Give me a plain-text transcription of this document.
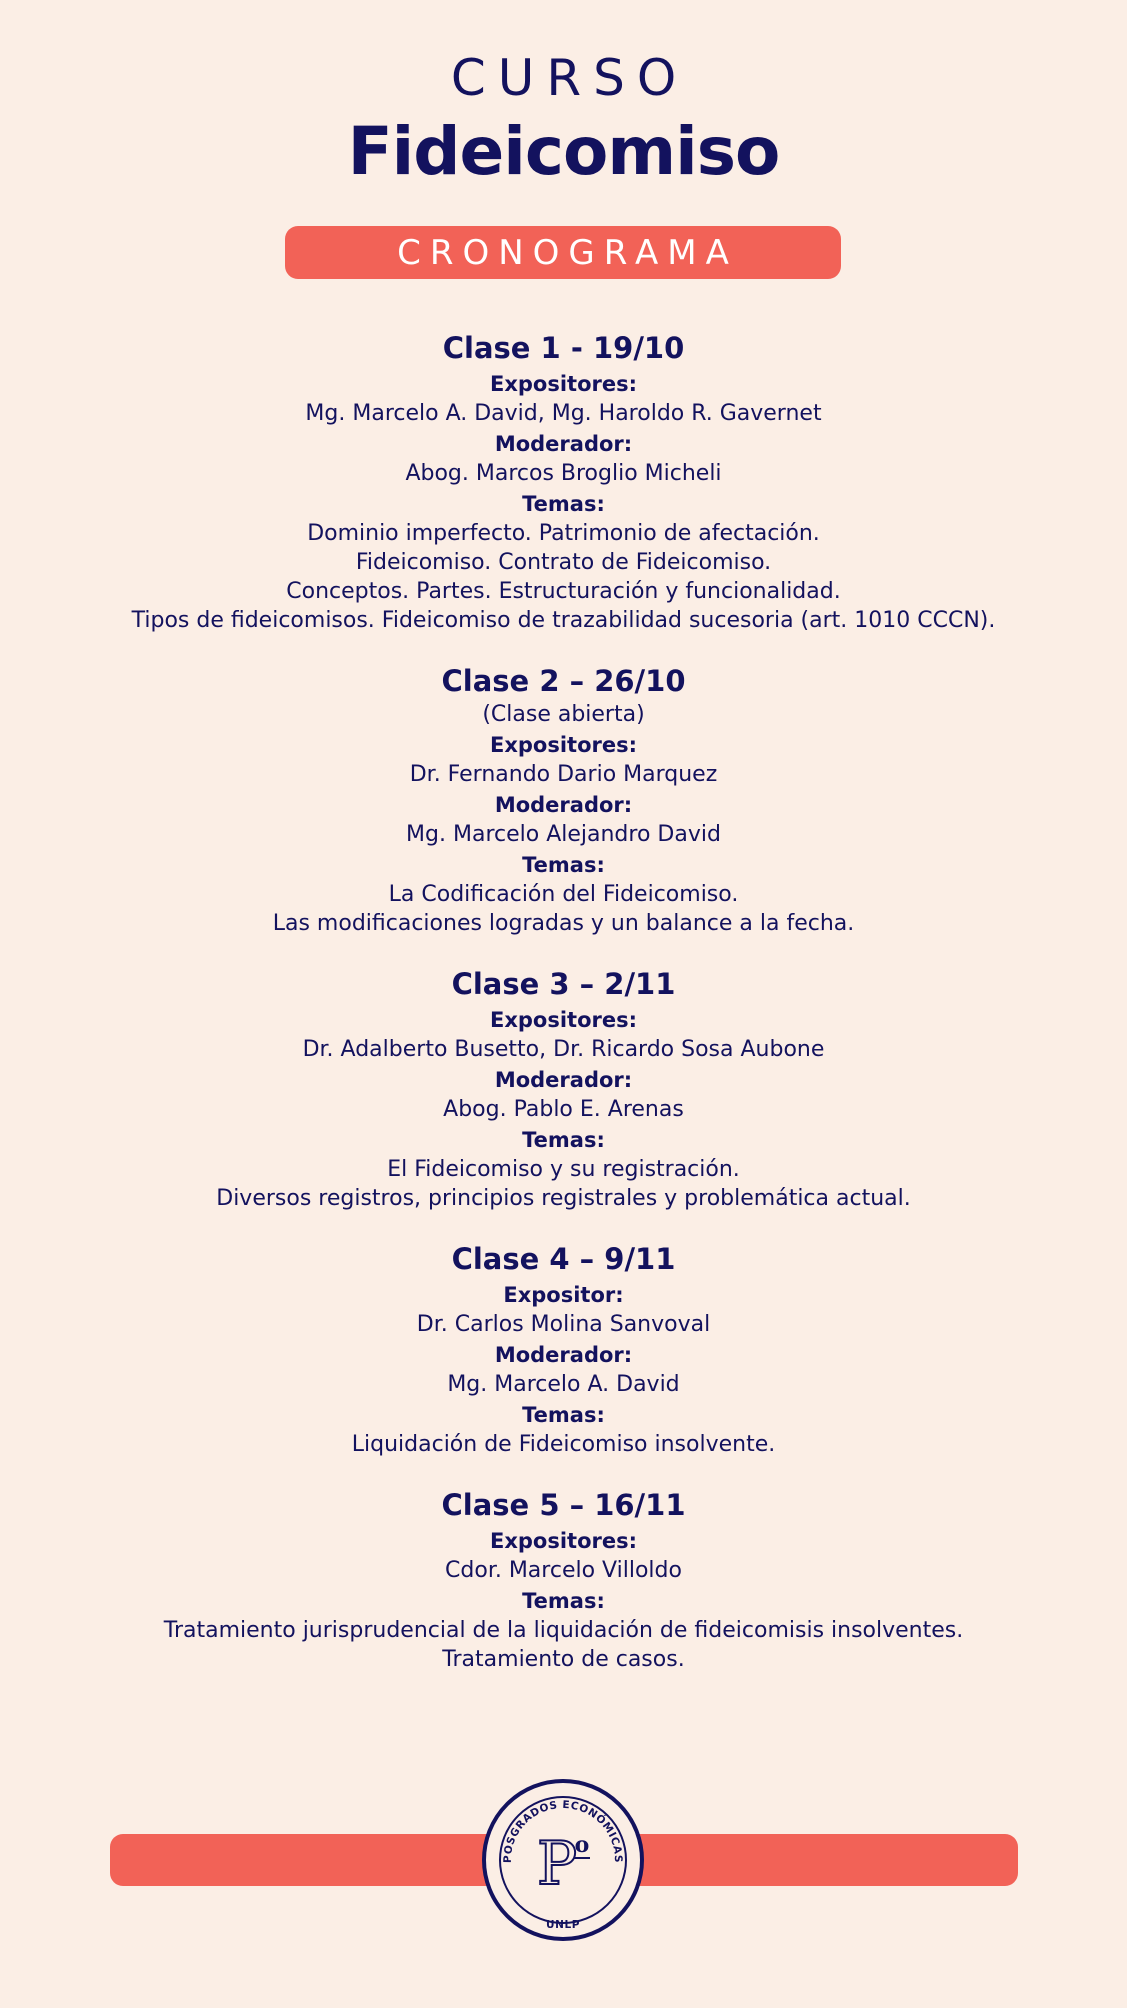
CURSO
Fideicomiso
CRONOGRAMA
Clase 1 - 19/10
Expositores:
Mg. Marcelo A. David, Mg. Haroldo R. Gavernet
Moderador:
Abog. Marcos Broglio Micheli
Temas:
Dominio imperfecto. Patrimonio de afectación.
Fideicomiso. Contrato de Fideicomiso.
Conceptos. Partes. Estructuración y funcionalidad.
Tipos de fideicomisos. Fideicomiso de trazabilidad sucesoria (art. 1010 CCCN).
Clase 2 – 26/10
(Clase abierta)
Expositores:
Dr. Fernando Dario Marquez
Moderador:
Mg. Marcelo Alejandro David
Temas:
La Codificación del Fideicomiso.
Las modificaciones logradas y un balance a la fecha.
Clase 3 – 2/11
Expositores:
Dr. Adalberto Busetto, Dr. Ricardo Sosa Aubone
Moderador:
Abog. Pablo E. Arenas
Temas:
El Fideicomiso y su registración.
Diversos registros, principios registrales y problemática actual.
Clase 4 – 9/11
Expositor:
Dr. Carlos Molina Sanvoval
Moderador:
Mg. Marcelo A. David
Temas:
Liquidación de Fideicomiso insolvente.
Clase 5 – 16/11
Expositores:
Cdor. Marcelo Villoldo
Temas:
Tratamiento jurisprudencial de la liquidación de fideicomisis insolventes.
Tratamiento de casos.
POSGRADOS ECONÓMICAS
P
o
UNLP
